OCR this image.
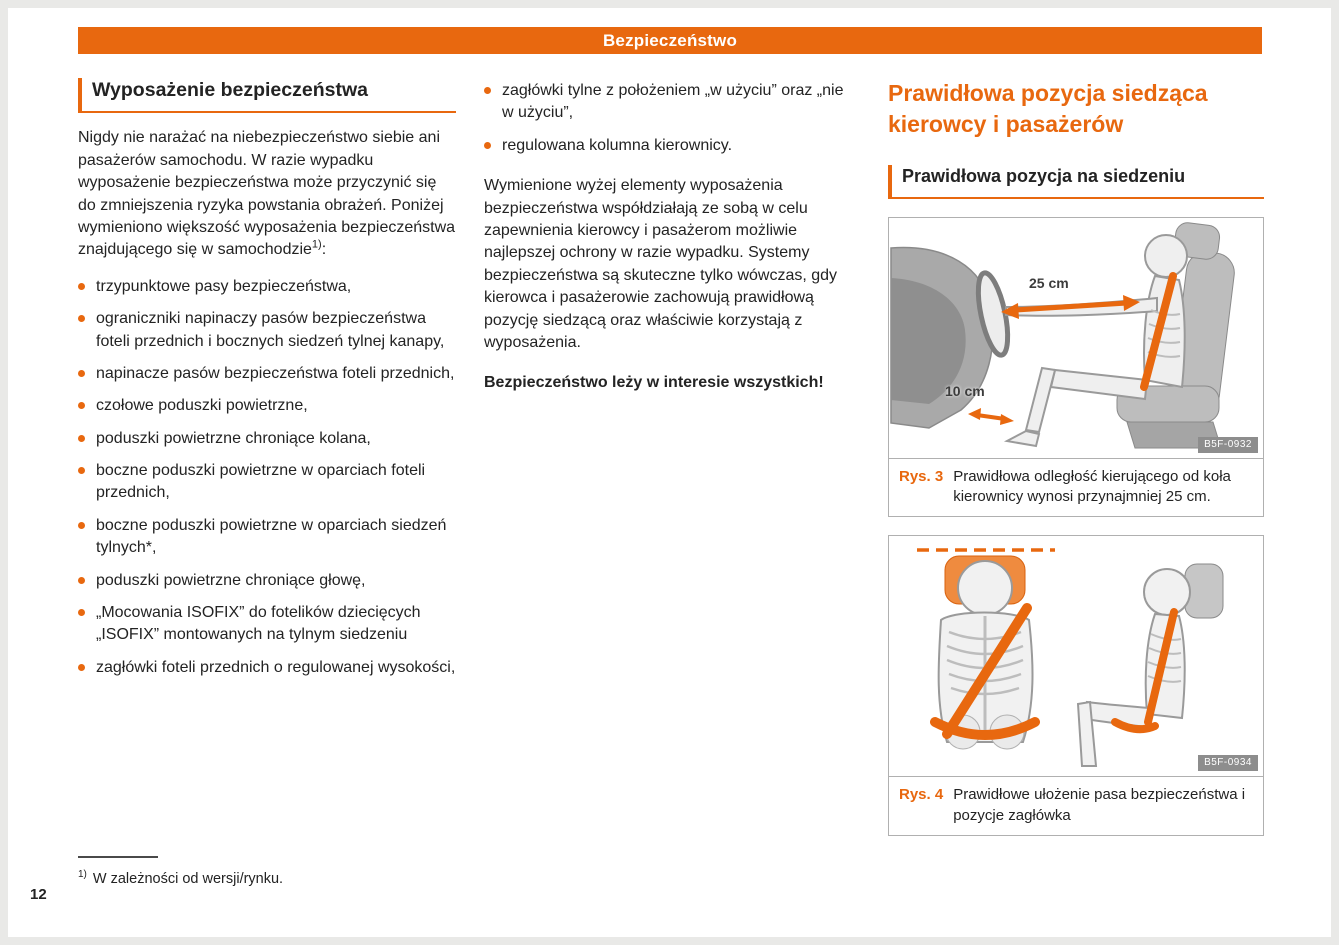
Bezpieczeństwo
Wyposażenie bezpieczeństwa

Nigdy nie narażać na niebezpieczeństwo siebie ani pasażerów samochodu. W razie wypadku wyposażenie bezpieczeństwa może przyczynić się do zmniejszenia ryzyka powstania obrażeń. Poniżej wymieniono większość wyposażenia bezpieczeństwa znajdującego się w samochodzie$^{1)}$:

trzypunktowe pasy bezpieczeństwa,
ograniczniki napinaczy pasów bezpieczeństwa foteli przednich i bocznych siedzeń tylnej kanapy,
napinacze pasów bezpieczeństwa foteli przednich,
czołowe poduszki powietrzne,
poduszki powietrzne chroniące kolana,
boczne poduszki powietrzne w oparciach foteli przednich,
boczne poduszki powietrzne w oparciach siedzeń tylnych*,
poduszki powietrzne chroniące głowę,
„Mocowania ISOFIX” do fotelików dziecięcych „ISOFIX” montowanych na tylnym siedzeniu
zagłówki foteli przednich o regulowanej wysokości,
zagłówki tylne z położeniem „w użyciu” oraz „nie w użyciu”,
regulowana kolumna kierownicy.

Wymienione wyżej elementy wyposażenia bezpieczeństwa współdziałają ze sobą w celu zapewnienia kierowcy i pasażerom możliwie najlepszej ochrony w razie wypadku. Systemy bezpieczeństwa są skuteczne tylko wówczas, gdy kierowca i pasażerowie zachowują prawidłową pozycję siedzącą oraz właściwie korzystają z wyposażenia.

Bezpieczeństwo leży w interesie wszystkich!

Prawidłowa pozycja siedząca kierowcy i pasażerów
Prawidłowa pozycja na siedzeniu
25 cm
10 cm
B5F-0932
Rys. 3 Prawidłowa odległość kierującego od koła kierownicy wynosi przynajmniej 25 cm.
B5F-0934
Rys. 4 Prawidłowe ułożenie pasa bezpieczeństwa i pozycje zagłówka
$^{1)}$ W zależności od wersji/rynku.
12
